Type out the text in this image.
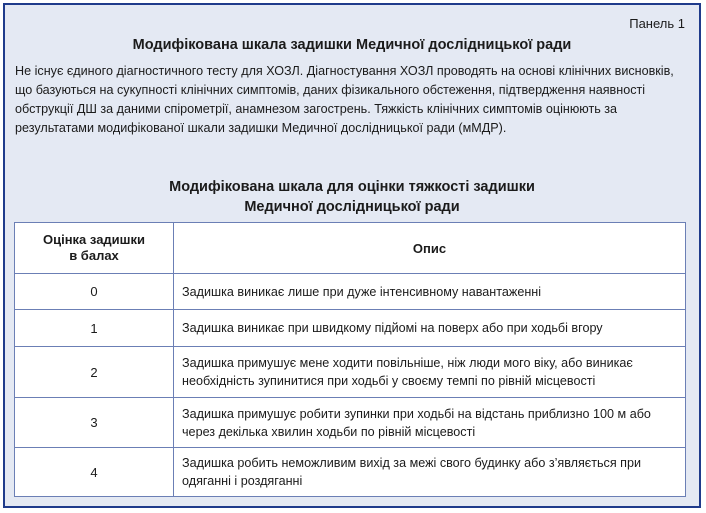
Панель 1
Модифікована шкала задишки Медичної дослідницької ради
Не існує єдиного діагностичного тесту для ХОЗЛ. Діагностування ХОЗЛ проводять на основі клінічних висновків, що базуються на сукупності клінічних симптомів, даних фізикального обстеження, підтвердження наявності обструкції ДШ за даними спірометрії, анамнезом загострень. Тяжкість клінічних симптомів оцінюють за результатами модифікованої шкали задишки Медичної дослідницької ради (мМДР).
Модифікована шкала для оцінки тяжкості задишки
Медичної дослідницької ради
Оцінка задишки
в балах	Опис
0	Задишка виникає лише при дуже інтенсивному навантаженні
1	Задишка виникає при швидкому підйомі на поверх або при ходьбі вгору
2	Задишка примушує мене ходити повільніше, ніж люди мого віку, або виникає необхідність зупинитися при ходьбі у своєму темпі по рівній місцевості
3	Задишка примушує робити зупинки при ходьбі на відстань приблизно 100 м або через декілька хвилин ходьби по рівній місцевості
4	Задишка робить неможливим вихід за межі свого будинку або з’являється при одяганні і роздяганні
